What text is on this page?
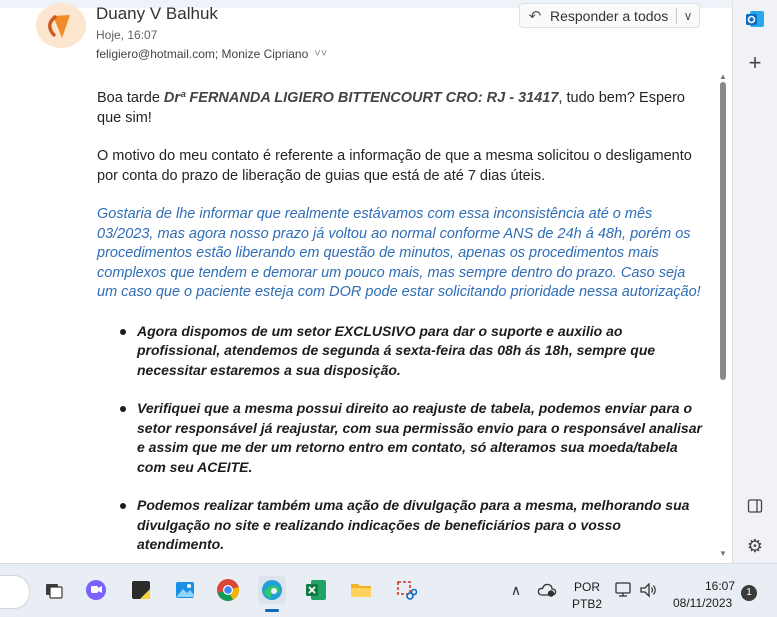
Duany V Balhuk
Hoje, 16:07
feligiero@hotmail.com; Monize Cipriano ˅˅
↶ Responder a todos	∨

Boa tarde Drª FERNANDA LIGIERO BITTENCOURT CRO: RJ - 31417, tudo bem? Espero que sim!

O motivo do meu contato é referente a informação de que a mesma solicitou o desligamento por conta do prazo de liberação de guias que está de até 7 dias úteis.

Gostaria de lhe informar que realmente estávamos com essa inconsistência até o mês 03/2023, mas agora nosso prazo já voltou ao normal conforme ANS de 24h á 48h, porém os procedimentos estão liberando em questão de minutos, apenas os procedimentos mais complexos que tendem e demorar um pouco mais, mas sempre dentro do prazo. Caso seja um caso que o paciente esteja com DOR pode estar solicitando prioridade nessa autorização!

Agora dispomos de um setor EXCLUSIVO para dar o suporte e auxilio ao profissional, atendemos de segunda á sexta-feira das 08h ás 18h, sempre que necessitar estaremos a sua disposição.
Verifiquei que a mesma possui direito ao reajuste de tabela, podemos enviar para o setor responsável já reajustar, com sua permissão envio para o responsável analisar e assim que me der um retorno entro em contato, só alteramos sua moeda/tabela com seu ACEITE.
Podemos realizar também uma ação de divulgação para a mesma, melhorando sua divulgação no site e realizando indicações de beneficiários para o vosso atendimento.
▲
▼
+
⚙
∧	POR
PTB2
16:07
08/11/2023
1
